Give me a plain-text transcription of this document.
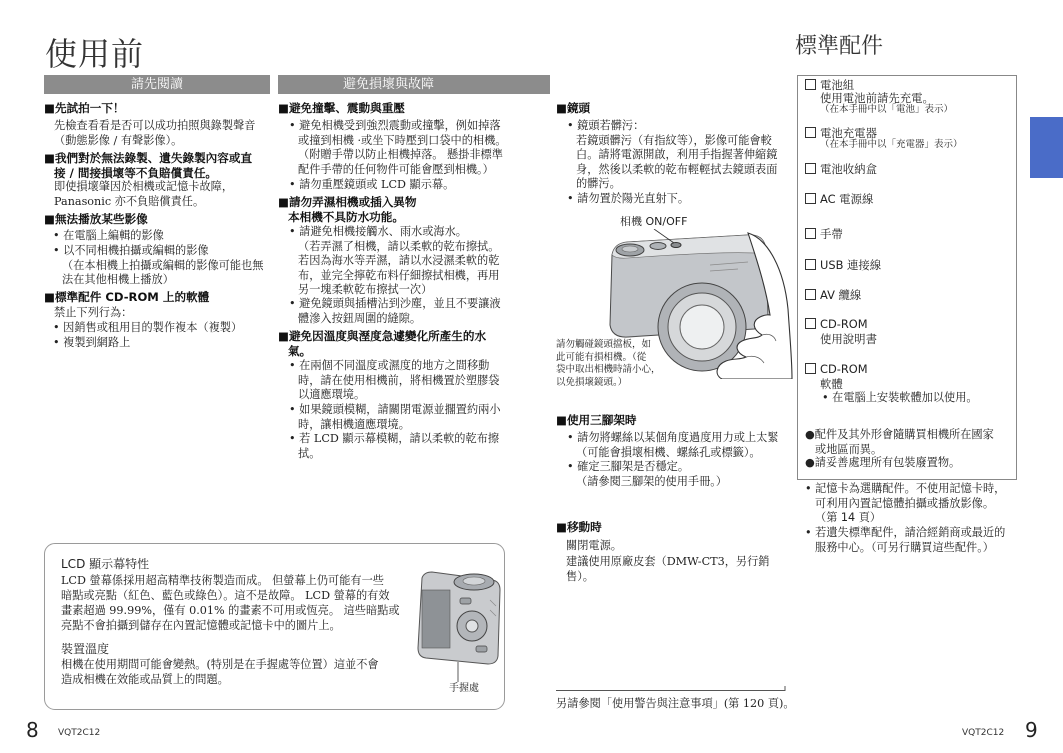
使用前
請先閱讀	避免損壞與故障
■先試拍一下！
先檢查看看是否可以成功拍照與錄製聲音
（動態影像 / 有聲影像）。
■我們對於無法錄製、遺失錄製內容或直
接 / 間接損壞等不負賠償責任。
即使損壞肇因於相機或記憶卡故障，
Panasonic 亦不負賠償責任。
■無法播放某些影像
• 在電腦上編輯的影像
• 以不同相機拍攝或編輯的影像
（在本相機上拍攝或編輯的影像可能也無
法在其他相機上播放）
■標準配件 CD-ROM 上的軟體
禁止下列行為：
• 因銷售或租用目的製作複本（複製）
• 複製到網路上
■避免撞擊、震動與重壓
• 避免相機受到強烈震動或撞擊，例如掉落
或撞到相機 ·或坐下時壓到口袋中的相機。
（附贈手帶以防止相機掉落。 懸掛非標準
配件手帶的任何物件可能會壓到相機。）
• 請勿重壓鏡頭或 LCD 顯示幕。
■請勿弄濕相機或插入異物
本相機不具防水功能。
• 請避免相機接觸水、雨水或海水。
（若弄濕了相機，請以柔軟的乾布擦拭。
若因為海水等弄濕，請以水浸濕柔軟的乾
布，並完全擰乾布料仔細擦拭相機，再用
另一塊柔軟乾布擦拭一次）
• 避免鏡頭與插槽沾到沙塵，並且不要讓液
體滲入按鈕周圍的縫隙。
■避免因溫度與溼度急遽變化所產生的水
氣。
• 在兩個不同溫度或濕度的地方之間移動
時，請在使用相機前，將相機置於塑膠袋
以適應環境。
• 如果鏡頭模糊，請關閉電源並擱置約兩小
時，讓相機適應環境。
• 若 LCD 顯示幕模糊，請以柔軟的乾布擦
拭。
■鏡頭
• 鏡頭若髒污：
若鏡頭髒污（有指紋等），影像可能會較
白。請將電源開啟，利用手指握著伸縮鏡
身，然後以柔軟的乾布輕輕拭去鏡頭表面
的髒污。
• 請勿置於陽光直射下。
相機 ON/OFF
請勿觸碰鏡頭擋板，如
此可能有損相機。（從
袋中取出相機時請小心，
以免損壞鏡頭。）
■使用三腳架時
• 請勿將螺絲以某個角度過度用力或上太緊
（可能會損壞相機、螺絲孔或標籤）。
• 確定三腳架是否穩定。
（請參閱三腳架的使用手冊。）
■移動時
關閉電源。
建議使用原廠皮套（DMW-CT3，另行銷
售）。
另請參閱「使用警告與注意事項」(第 120 頁)。
LCD 顯示幕特性
LCD 螢幕係採用超高精準技術製造而成。 但螢幕上仍可能有一些
暗點或亮點（紅色、藍色或綠色）。這不是故障。 LCD 螢幕的有效
畫素超過 99.99%，僅有 0.01% 的畫素不可用或恆亮。 這些暗點或
亮點不會拍攝到儲存在內置記憶體或記憶卡中的圖片上。
裝置溫度
相機在使用期間可能會變熱。(特別是在手握處等位置）這並不會
造成相機在效能或品質上的問題。
手握處
8 VQT2C12
標準配件
電池組
使用電池前請先充電。
（在本手冊中以「電池」表示）
電池充電器
（在本手冊中以「充電器」表示）
電池收納盒
AC 電源線
手帶
USB 連接線
AV 纜線
CD-ROM
使用說明書
CD-ROM
軟體
• 在電腦上安裝軟體加以使用。
●配件及其外形會隨購買相機所在國家
或地區而異。
●請妥善處理所有包裝廢置物。
• 記憶卡為選購配件。不使用記憶卡時，
可利用內置記憶體拍攝或播放影像。
（第 14 頁）
• 若遺失標準配件，請洽經銷商或最近的
服務中心。（可另行購買這些配件。）
VQT2C12 9
